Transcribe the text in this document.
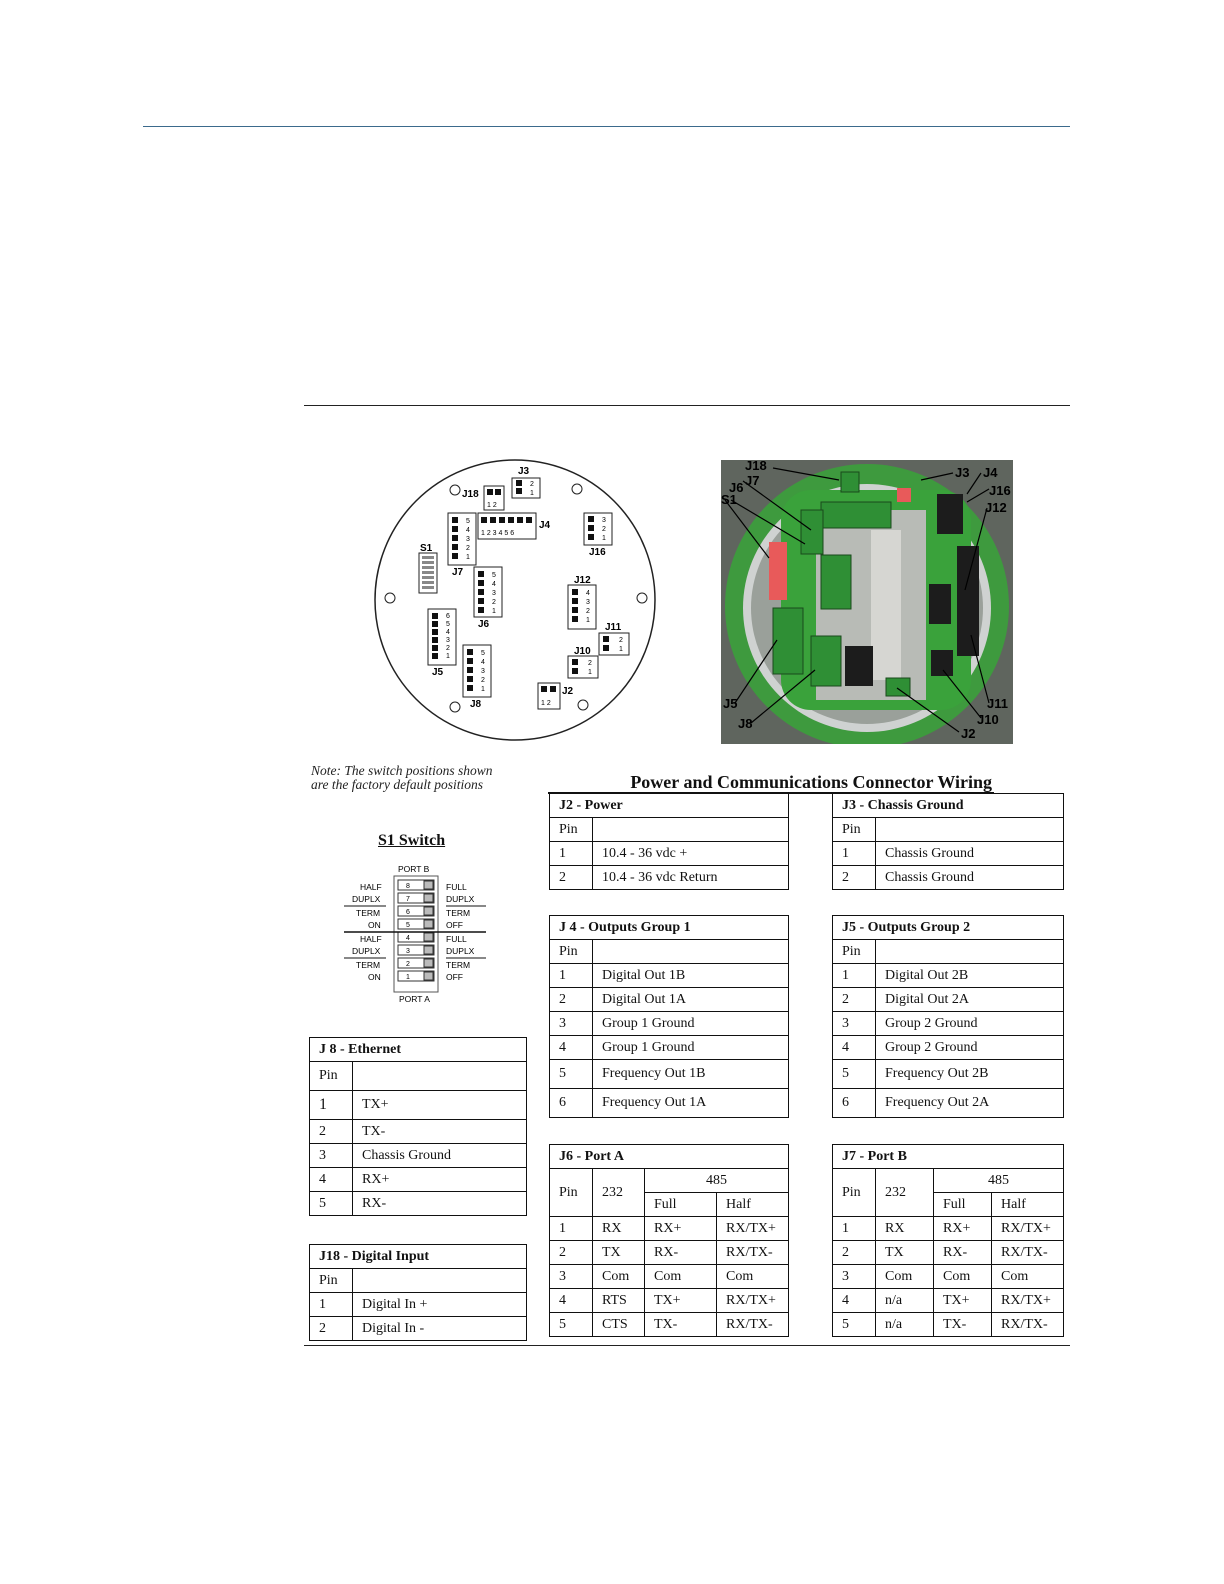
1 2
J18
2
1
J3
1 2 3 4 5 6
J4	3
2
1
J16
5
4
3
2
1
J7
S1
5
4
3
2
1
J6
4
3
2
1
J12
2
1
J11
2
1
J10
6
5
4
3
2
1
J5
5
4
3
2
1
J8	1 2
J2
J18	J3 J4
J7
J16
J6
S1
J12
J5	J11
J8	J10
J2
Note: The switch positions shown
are the factory default positions
S1 Switch
PORT B
PORT A
8
7
6
5
4
3
2
1
HALF
DUPLX
TERM
ON
HALF
DUPLX
TERM
ON
FULL
DUPLX
TERM
OFF
FULL
DUPLX
TERM
OFF
Power and Communications Connector Wiring
J2 - Power	
Pin	
1	10.4 - 36 vdc +
2	10.4 - 36 vdc Return
J3 - Chassis Ground	
Pin	
1	Chassis Ground
2	Chassis Ground
J 4 - Outputs Group 1	
Pin	
1	Digital Out 1B
2	Digital Out 1A
3	Group 1 Ground
4	Group 1 Ground
5	Frequency Out 1B
6	Frequency Out 1A
J5 - Outputs Group 2	
Pin	
1	Digital Out 2B
2	Digital Out 2A
3	Group 2 Ground
4	Group 2 Ground
5	Frequency Out 2B
6	Frequency Out 2A
J 8 - Ethernet	
Pin	
1	TX+
2	TX-
3	Chassis Ground
4	RX+
5	RX-
J18 - Digital Input	
Pin	
1	Digital In +
2	Digital In -
J6 - Port A			
Pin	232	485	
		Full	Half
1	RX	RX+	RX/TX+
2	TX	RX-	RX/TX-
3	Com	Com	Com
4	RTS	TX+	RX/TX+
5	CTS	TX-	RX/TX-
J7 - Port B			
Pin	232	485	
		Full	Half
1	RX	RX+	RX/TX+
2	TX	RX-	RX/TX-
3	Com	Com	Com
4	n/a	TX+	RX/TX+
5	n/a	TX-	RX/TX-
